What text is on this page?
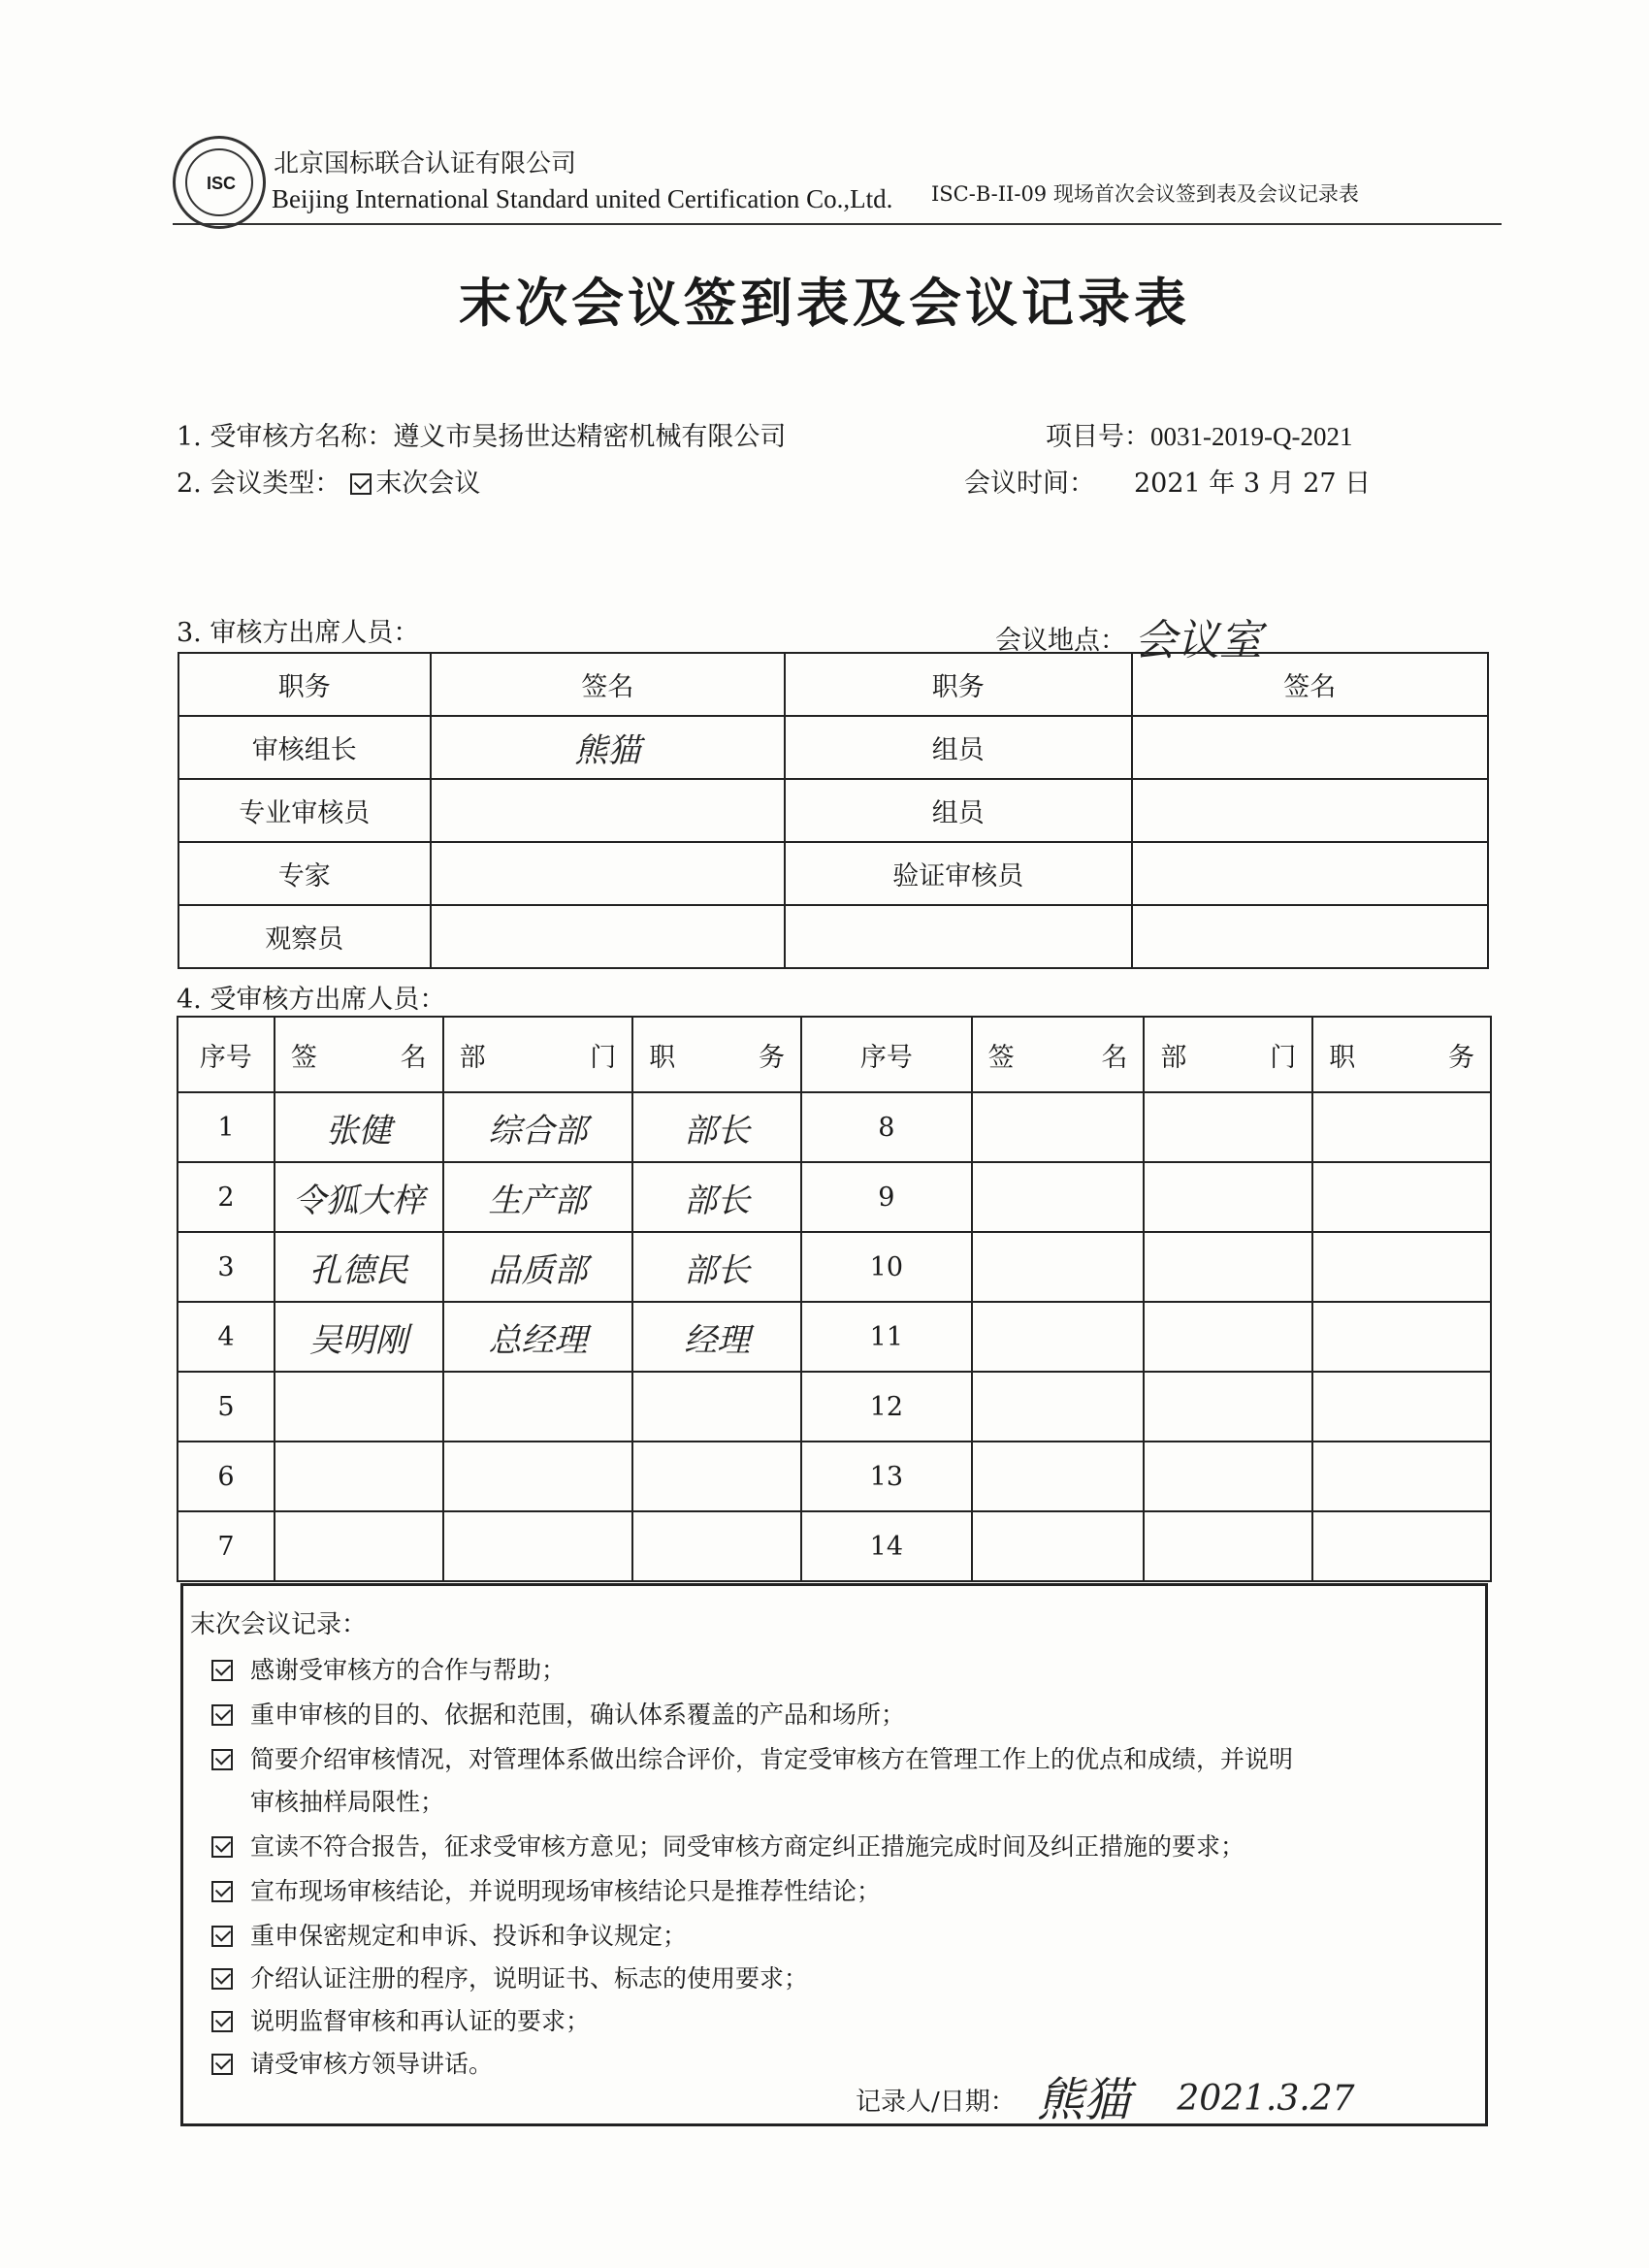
ISC
北京国标联合认证有限公司
Beijing International Standard united Certification Co.,Ltd. ISC-B-II-09 现场首次会议签到表及会议记录表
末次会议签到表及会议记录表
1. 受审核方名称：遵义市昊扬世达精密机械有限公司	项目号：0031-2019-Q-2021
2. 会议类型： 末次会议	会议时间： 2021 年 3 月 27 日
3. 审核方出席人员：	会议地点： 会议室
职务	签名	职务	签名
审核组长	熊猫	组员	
专业审核员		组员	
专家		验证审核员	
观察员			
4. 受审核方出席人员：
序号	签 名	部 门	职 务	序号	签 名	部 门	职 务

1	张健	综合部	部长	8			
2	令狐大梓	生产部	部长	9			
3	孔德民	品质部	部长	10			
4	吴明刚	总经理	经理	11			
5				12			
6				13			
7				14			
末次会议记录：
感谢受审核方的合作与帮助；
重申审核的目的、依据和范围，确认体系覆盖的产品和场所；
简要介绍审核情况，对管理体系做出综合评价，肯定受审核方在管理工作上的优点和成绩，并说明
审核抽样局限性；
宣读不符合报告，征求受审核方意见；同受审核方商定纠正措施完成时间及纠正措施的要求；
宣布现场审核结论，并说明现场审核结论只是推荐性结论；
重申保密规定和申诉、投诉和争议规定；
介绍认证注册的程序，说明证书、标志的使用要求；
说明监督审核和再认证的要求；
请受审核方领导讲话。
记录人/日期： 熊猫 2021.3.27
